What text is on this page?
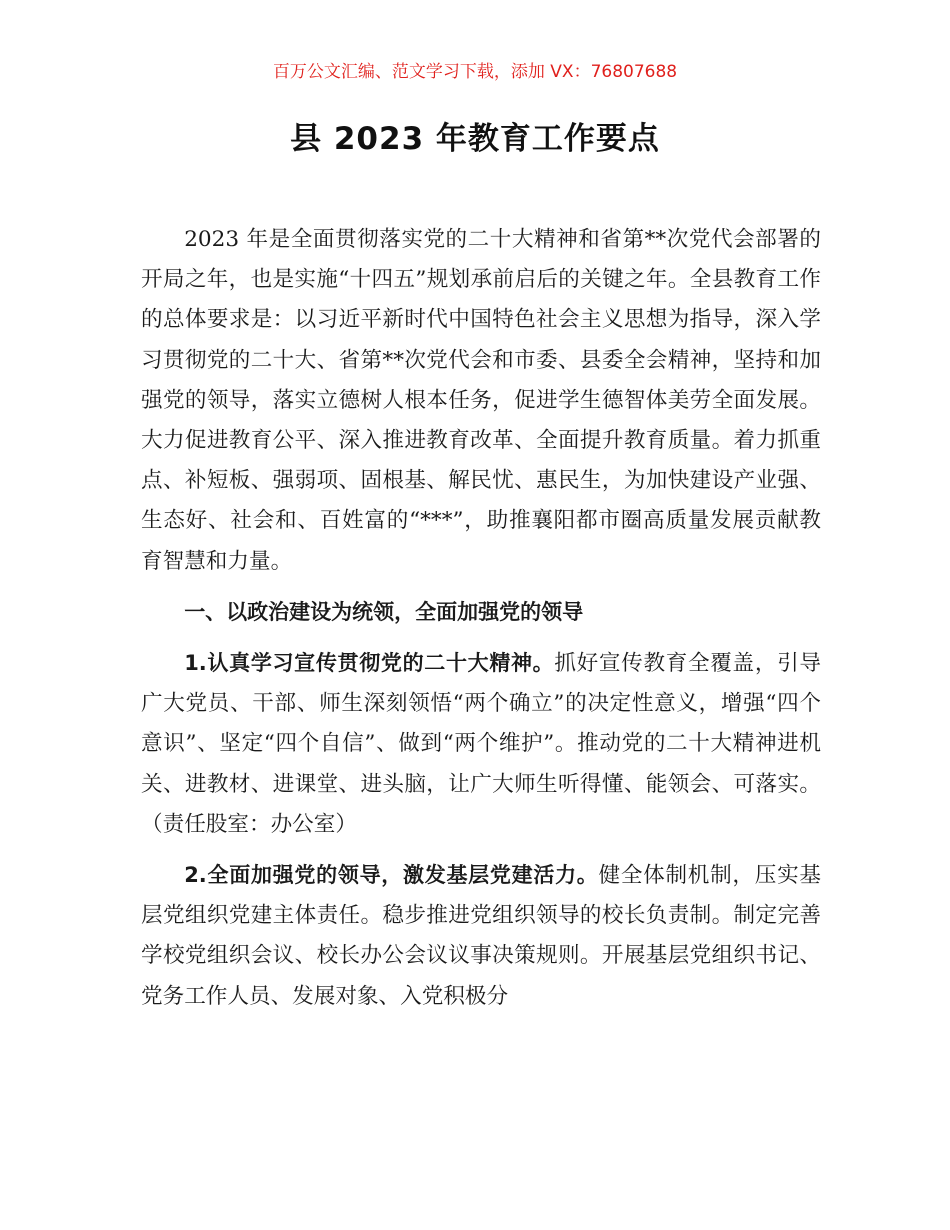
百万公文汇编、范文学习下载，添加 VX：76807688
县 2023 年教育工作要点

2023 年是全面贯彻落实党的二十大精神和省第**次党代会部署的开局之年，也是实施“十四五”规划承前启后的关键之年。全县教育工作的总体要求是：以习近平新时代中国特色社会主义思想为指导，深入学习贯彻党的二十大、省第**次党代会和市委、县委全会精神，坚持和加强党的领导，落实立德树人根本任务，促进学生德智体美劳全面发展。大力促进教育公平、深入推进教育改革、全面提升教育质量。着力抓重点、补短板、强弱项、固根基、解民忧、惠民生，为加快建设产业强、生态好、社会和、百姓富的“***”，助推襄阳都市圈高质量发展贡献教育智慧和力量。

一、以政治建设为统领，全面加强党的领导

1.认真学习宣传贯彻党的二十大精神。抓好宣传教育全覆盖，引导广大党员、干部、师生深刻领悟“两个确立”的决定性意义，增强“四个意识”、坚定“四个自信”、做到“两个维护”。推动党的二十大精神进机关、进教材、进课堂、进头脑，让广大师生听得懂、能领会、可落实。（责任股室：办公室）

2.全面加强党的领导，激发基层党建活力。健全体制机制，压实基层党组织党建主体责任。稳步推进党组织领导的校长负责制。制定完善学校党组织会议、校长办公会议议事决策规则。开展基层党组织书记、党务工作人员、发展对象、入党积极分
